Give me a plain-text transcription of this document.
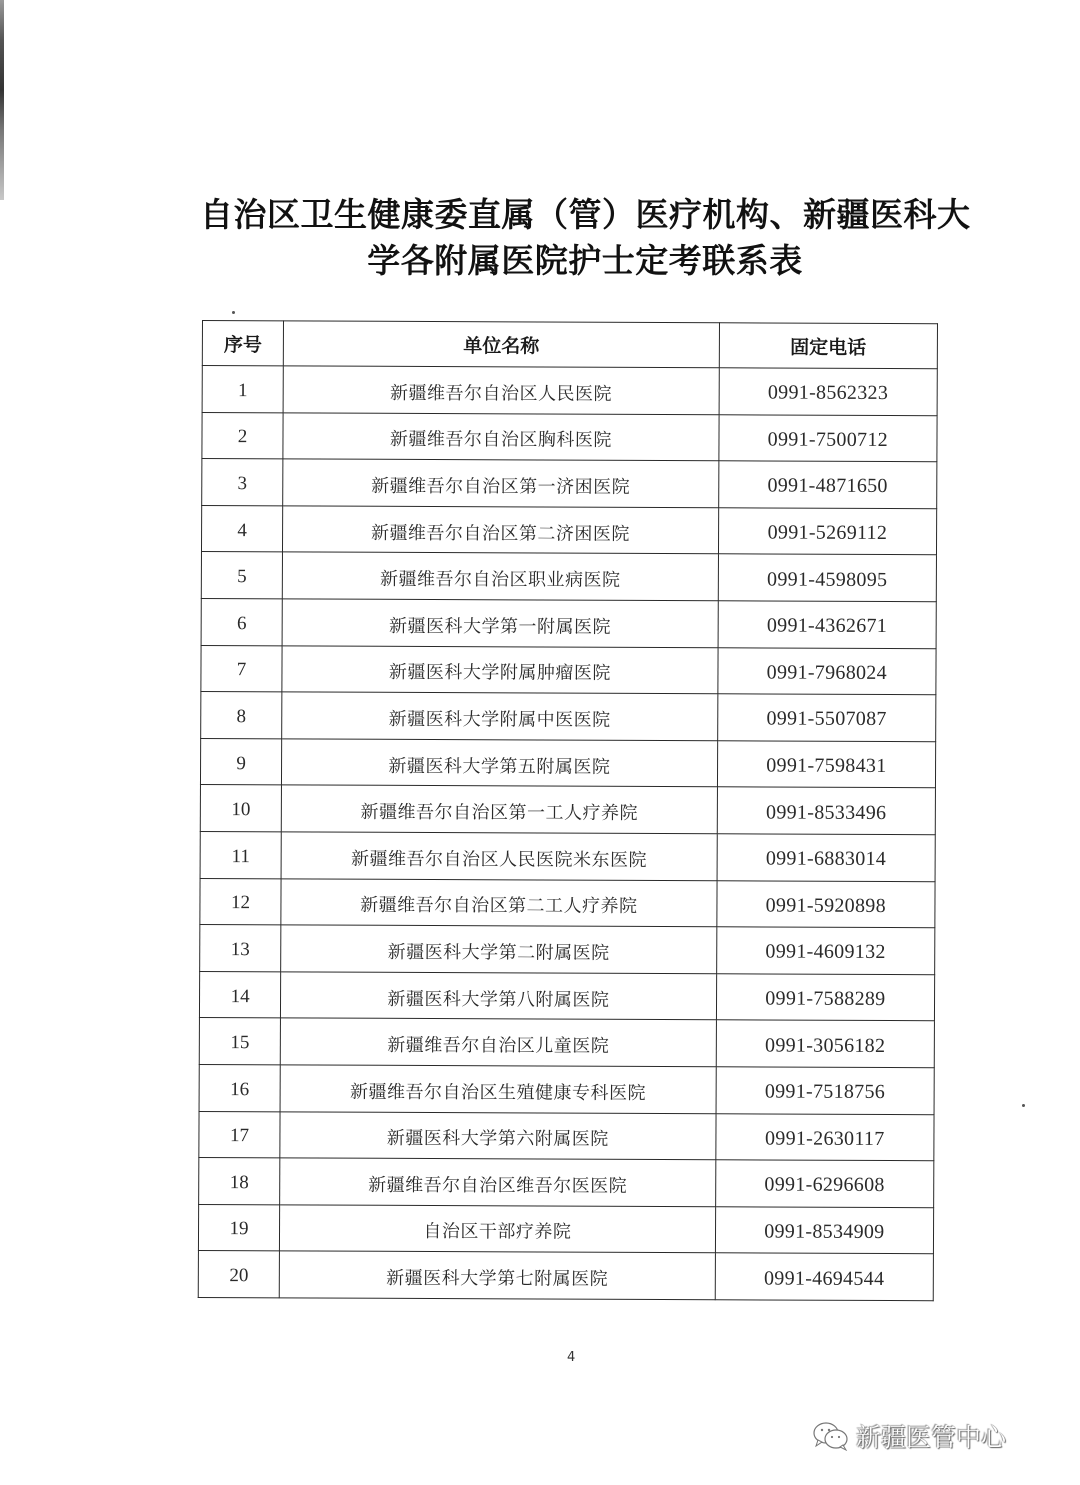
自治区卫生健康委直属（管）医疗机构、新疆医科大
学各附属医院护士定考联系表
序号	单位名称	固定电话
1	新疆维吾尔自治区人民医院	0991-8562323
2	新疆维吾尔自治区胸科医院	0991-7500712
3	新疆维吾尔自治区第一济困医院	0991-4871650
4	新疆维吾尔自治区第二济困医院	0991-5269112
5	新疆维吾尔自治区职业病医院	0991-4598095
6	新疆医科大学第一附属医院	0991-4362671
7	新疆医科大学附属肿瘤医院	0991-7968024
8	新疆医科大学附属中医医院	0991-5507087
9	新疆医科大学第五附属医院	0991-7598431
10	新疆维吾尔自治区第一工人疗养院	0991-8533496
11	新疆维吾尔自治区人民医院米东医院	0991-6883014
12	新疆维吾尔自治区第二工人疗养院	0991-5920898
13	新疆医科大学第二附属医院	0991-4609132
14	新疆医科大学第八附属医院	0991-7588289
15	新疆维吾尔自治区儿童医院	0991-3056182
16	新疆维吾尔自治区生殖健康专科医院	0991-7518756
17	新疆医科大学第六附属医院	0991-2630117
18	新疆维吾尔自治区维吾尔医医院	0991-6296608
19	自治区干部疗养院	0991-8534909
20	新疆医科大学第七附属医院	0991-4694544
4
新疆医管中心
